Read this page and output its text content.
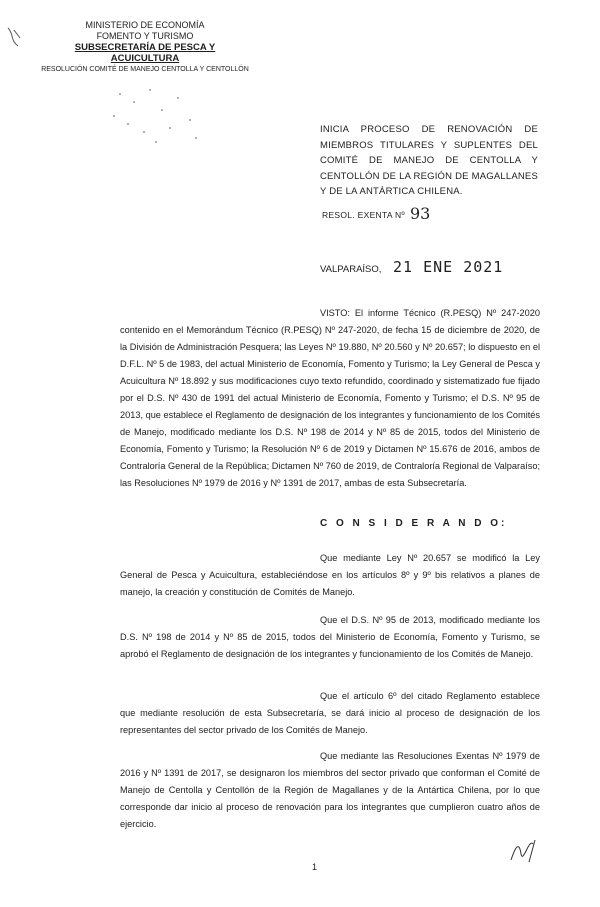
MINISTERIO DE ECONOMÍA
FOMENTO Y TURISMO
SUBSECRETARÍA DE PESCA Y ACUICULTURA
RESOLUCIÓN COMITÉ DE MANEJO CENTOLLA Y CENTOLLÓN
INICIA PROCESO DE RENOVACIÓN DE MIEMBROS TITULARES Y SUPLENTES DEL COMITÉ DE MANEJO DE CENTOLLA Y CENTOLLÓN DE LA REGIÓN DE MAGALLANES Y DE LA ANTÁRTICA CHILENA.
RESOL. EXENTA Nº 93
VALPARAÍSO, 21 ENE 2021
VISTO: El informe Técnico (R.PESQ) Nº 247-2020 contenido en el Memorándum Técnico (R.PESQ) Nº 247-2020, de fecha 15 de diciembre de 2020, de la División de Administración Pesquera; las Leyes Nº 19.880, Nº 20.560 y Nº 20.657; lo dispuesto en el D.F.L. Nº 5 de 1983, del actual Ministerio de Economía, Fomento y Turismo; la Ley General de Pesca y Acuicultura Nº 18.892 y sus modificaciones cuyo texto refundido, coordinado y sistematizado fue fijado por el D.S. Nº 430 de 1991 del actual Ministerio de Economía, Fomento y Turismo; el D.S. Nº 95 de 2013, que establece el Reglamento de designación de los integrantes y funcionamiento de los Comités de Manejo, modificado mediante los D.S. Nº 198 de 2014 y Nº 85 de 2015, todos del Ministerio de Economía, Fomento y Turismo; la Resolución Nº 6 de 2019 y Dictamen Nº 15.676 de 2016, ambos de Contraloría General de la República; Dictamen Nº 760 de 2019, de Contraloría Regional de Valparaíso; las Resoluciones Nº 1979 de 2016 y Nº 1391 de 2017, ambas de esta Subsecretaría.
C O N S I D E R A N D O:
Que mediante Ley Nº 20.657 se modificó la Ley General de Pesca y Acuicultura, estableciéndose en los artículos 8º y 9º bis relativos a planes de manejo, la creación y constitución de Comités de Manejo.
Que el D.S. Nº 95 de 2013, modificado mediante los D.S. Nº 198 de 2014 y Nº 85 de 2015, todos del Ministerio de Economía, Fomento y Turismo, se aprobó el Reglamento de designación de los integrantes y funcionamiento de los Comités de Manejo.
Que el artículo 6º del citado Reglamento establece que mediante resolución de esta Subsecretaría, se dará inicio al proceso de designación de los representantes del sector privado de los Comités de Manejo.
Que mediante las Resoluciones Exentas Nº 1979 de 2016 y Nº 1391 de 2017, se designaron los miembros del sector privado que conforman el Comité de Manejo de Centolla y Centollón de la Región de Magallanes y de la Antártica Chilena, por lo que corresponde dar inicio al proceso de renovación para los integrantes que cumplieron cuatro años de ejercicio.
1
